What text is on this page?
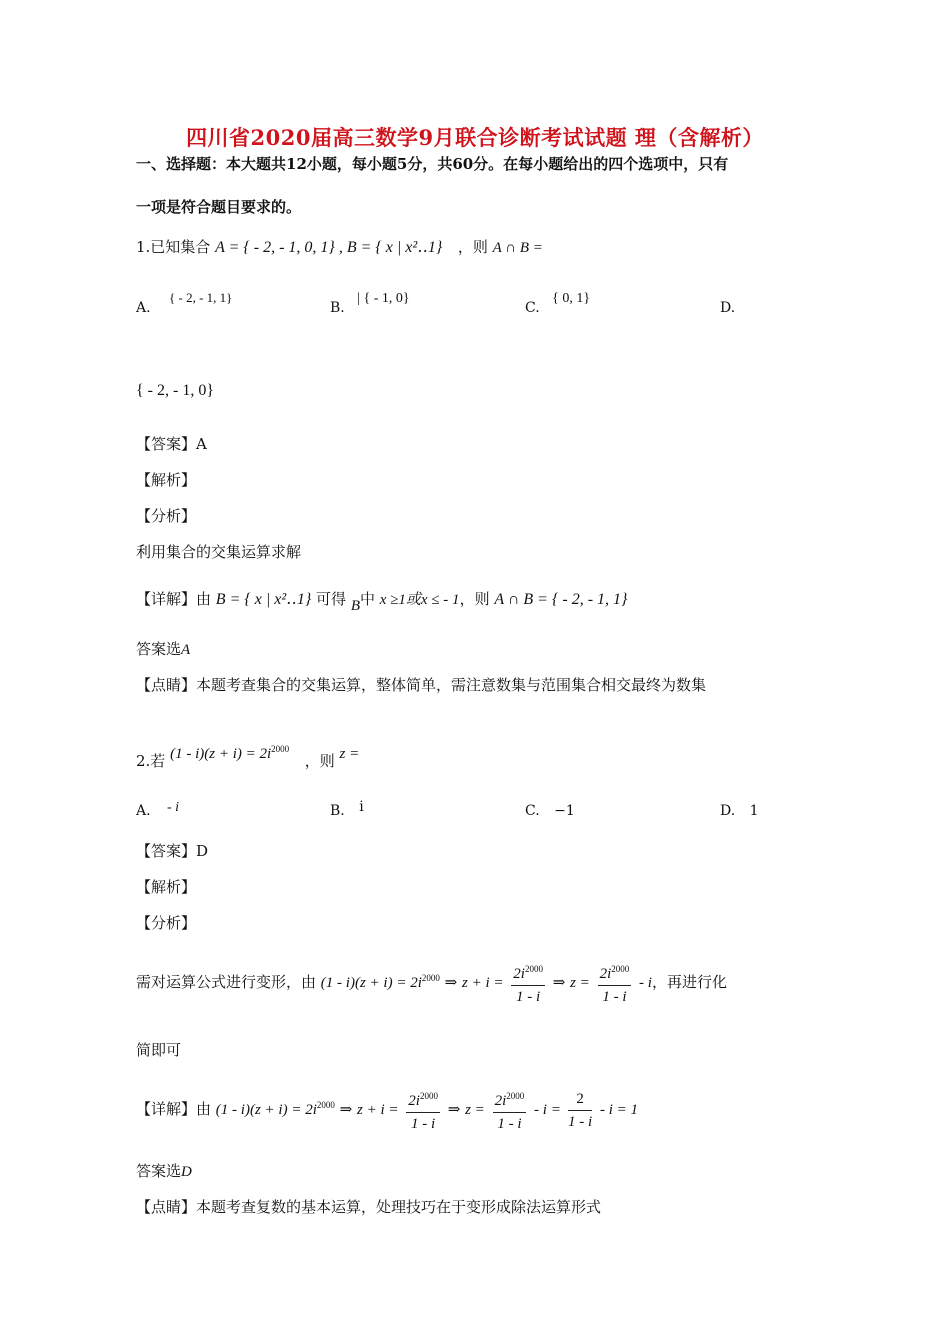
四川省2020届高三数学9月联合诊断考试试题 理（含解析）
一、选择题：本大题共12小题，每小题5分，共60分。在每小题给出的四个选项中，只有
一项是符合题目要求的。
1.已知集合 A = { - 2, - 1, 0, 1} , B = { x | x²‥1} ，则 A ∩ B =
A. { - 2, - 1, 1}
B. | { - 1, 0}
C. { 0, 1}
D.
{ - 2, - 1, 0}
【答案】A
【解析】
【分析】
利用集合的交集运算求解
【详解】由 B = { x | x²‥1} 可得 B中 x ≥1或x ≤ - 1，则 A ∩ B = { - 2, - 1, 1}
答案选A
【点睛】本题考查集合的交集运算，整体简单，需注意数集与范围集合相交最终为数集
2.若 $(1 - i)(z + i) = 2i^{2000}$  ，则 z =
A. - i	B. i	C. −1	D. 1
【答案】D
【解析】
【分析】
需对运算公式进行变形，由 $(1 - i)(z + i) = 2i^{2000}$ ⇒ $z + i = \frac{2i^{2000}}{1 - i}$ ⇒ $z = \frac{2i^{2000}}{1 - i} - i$，再进行化
简即可
【详解】由 $(1 - i)(z + i) = 2i^{2000}$ ⇒ $z + i = \frac{2i^{2000}}{1 - i}$ ⇒ $z = \frac{2i^{2000}}{1 - i} - i = \frac{2}{1 - i} - i = 1$
答案选D
【点睛】本题考查复数的基本运算，处理技巧在于变形成除法运算形式
